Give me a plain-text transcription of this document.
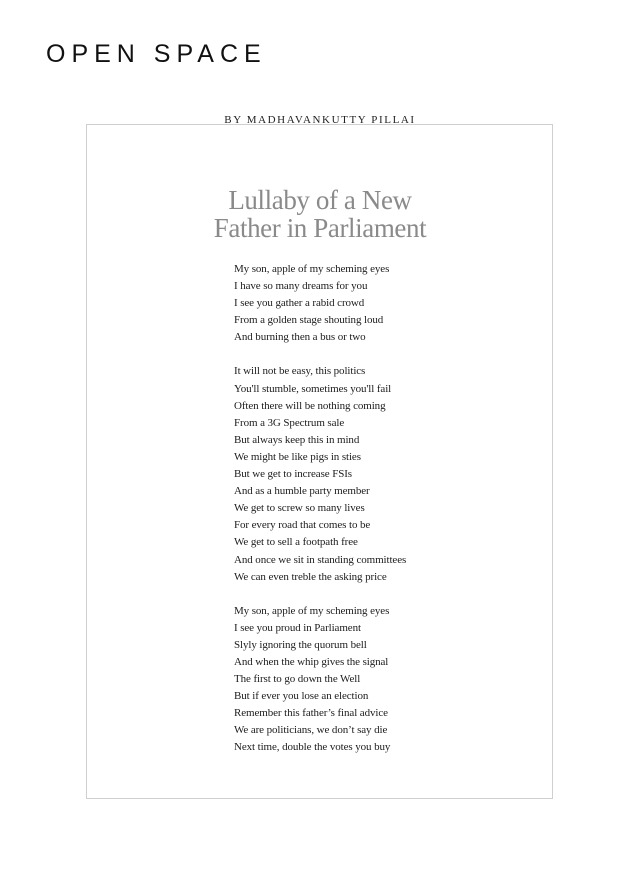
OPEN SPACE
BY MADHAVANKUTTY PILLAI
Lullaby of a New
Father in Parliament
My son, apple of my scheming eyes
I have so many dreams for you
I see you gather a rabid crowd
From a golden stage shouting loud
And burning then a bus or two
It will not be easy, this politics
You'll stumble, sometimes you'll fail
Often there will be nothing coming
From a 3G Spectrum sale
But always keep this in mind
We might be like pigs in sties
But we get to increase FSIs
And as a humble party member
We get to screw so many lives
For every road that comes to be
We get to sell a footpath free
And once we sit in standing committees
We can even treble the asking price
My son, apple of my scheming eyes
I see you proud in Parliament
Slyly ignoring the quorum bell
And when the whip gives the signal
The first to go down the Well
But if ever you lose an election
Remember this father’s final advice
We are politicians, we don’t say die
Next time, double the votes you buy
